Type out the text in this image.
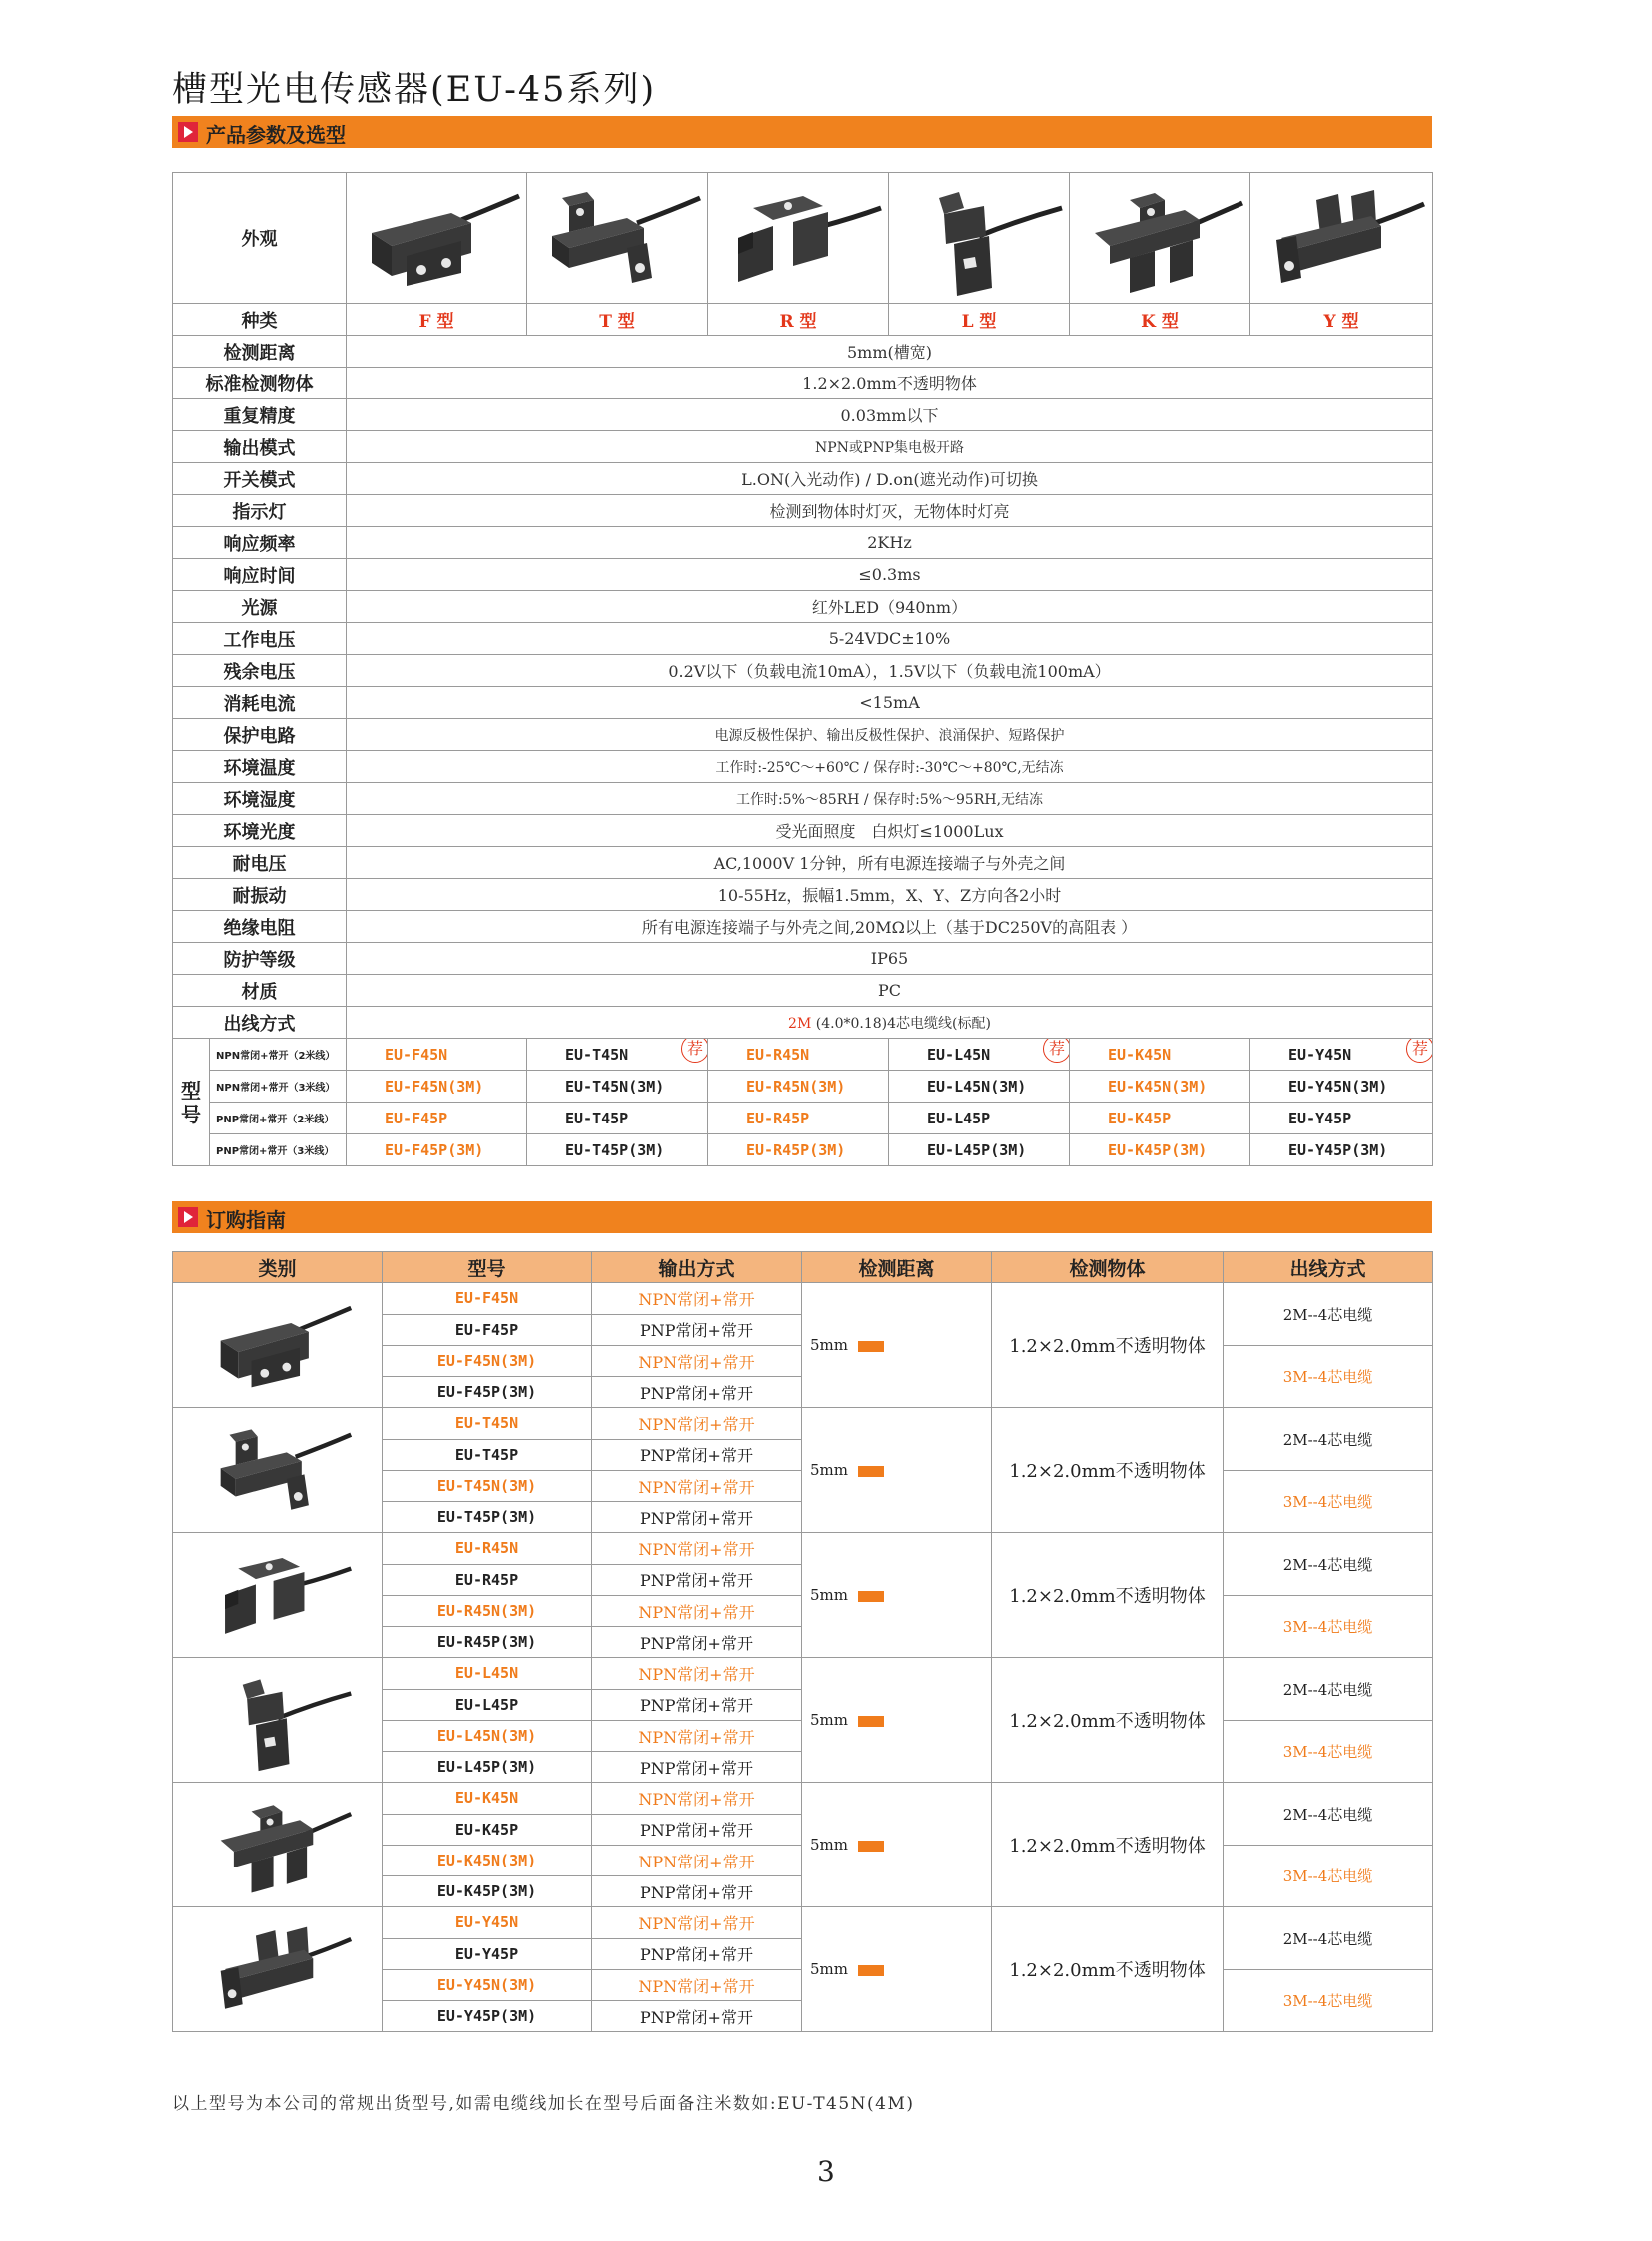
槽型光电传感器(EU-45系列)
产品参数及选型
外观	

种类		F 型	T 型	R 型	L 型	K 型	Y 型
检测距离		5mm(槽宽)					
标准检测物体		1.2×2.0mm不透明物体					
重复精度		0.03mm以下					
输出模式		NPN或PNP集电极开路					
开关模式		L.ON(入光动作) / D.on(遮光动作)可切换					
指示灯		检测到物体时灯灭，无物体时灯亮					
响应频率		2KHz					
响应时间		≤0.3ms					
光源		红外LED（940nm）					
工作电压		5-24VDC±10%					
残余电压		0.2V以下（负载电流10mA），1.5V以下（负载电流100mA）					
消耗电流		<15mA					
保护电路		电源反极性保护、输出反极性保护、浪涌保护、短路保护					
环境温度		工作时:-25℃～+60℃ / 保存时:-30℃～+80℃,无结冻					
环境湿度		工作时:5%～85RH / 保存时:5%～95RH,无结冻					
环境光度		受光面照度　白炽灯≤1000Lux					
耐电压		AC,1000V 1分钟，所有电源连接端子与外壳之间					
耐振动		10-55Hz，振幅1.5mm，X、Y、Z方向各2小时					
绝缘电阻		所有电源连接端子与外壳之间,20MΩ以上（基于DC250V的高阻表 ）					
防护等级		IP65					
材质		PC					
出线方式		2M (4.0*0.18)4芯电缆线(标配)					
型号	NPN常闭+常开（2米线）	EU-F45N	EU-T45N 荐	EU-R45N	EU-L45N 荐	EU-K45N	EU-Y45N 荐

	NPN常闭+常开（3米线）	EU-F45N(3M)	EU-T45N(3M)	EU-R45N(3M)	EU-L45N(3M)	EU-K45N(3M)	EU-Y45N(3M)
	PNP常闭+常开（2米线）	EU-F45P	EU-T45P	EU-R45P	EU-L45P	EU-K45P	EU-Y45P
	PNP常闭+常开（3米线）	EU-F45P(3M)	EU-T45P(3M)	EU-R45P(3M)	EU-L45P(3M)	EU-K45P(3M)	EU-Y45P(3M)
订购指南
类别	型号	输出方式	检测距离	检测物体	出线方式

	EU-F45N	NPN常闭+常开	5mm	1.2×2.0mm不透明物体	2M--4芯电缆
	EU-F45P	PNP常闭+常开			
	EU-F45N(3M)	NPN常闭+常开			3M--4芯电缆
	EU-F45P(3M)	PNP常闭+常开			

	EU-T45N	NPN常闭+常开	5mm	1.2×2.0mm不透明物体	2M--4芯电缆
	EU-T45P	PNP常闭+常开			
	EU-T45N(3M)	NPN常闭+常开			3M--4芯电缆
	EU-T45P(3M)	PNP常闭+常开			

	EU-R45N	NPN常闭+常开	5mm	1.2×2.0mm不透明物体	2M--4芯电缆
	EU-R45P	PNP常闭+常开			
	EU-R45N(3M)	NPN常闭+常开			3M--4芯电缆
	EU-R45P(3M)	PNP常闭+常开			

	EU-L45N	NPN常闭+常开	5mm	1.2×2.0mm不透明物体	2M--4芯电缆
	EU-L45P	PNP常闭+常开			
	EU-L45N(3M)	NPN常闭+常开			3M--4芯电缆
	EU-L45P(3M)	PNP常闭+常开			

	EU-K45N	NPN常闭+常开	5mm	1.2×2.0mm不透明物体	2M--4芯电缆
	EU-K45P	PNP常闭+常开			
	EU-K45N(3M)	NPN常闭+常开			3M--4芯电缆
	EU-K45P(3M)	PNP常闭+常开			

	EU-Y45N	NPN常闭+常开	5mm	1.2×2.0mm不透明物体	2M--4芯电缆
	EU-Y45P	PNP常闭+常开			
	EU-Y45N(3M)	NPN常闭+常开			3M--4芯电缆
	EU-Y45P(3M)	PNP常闭+常开			
以上型号为本公司的常规出货型号,如需电缆线加长在型号后面备注米数如:EU-T45N(4M)
3
